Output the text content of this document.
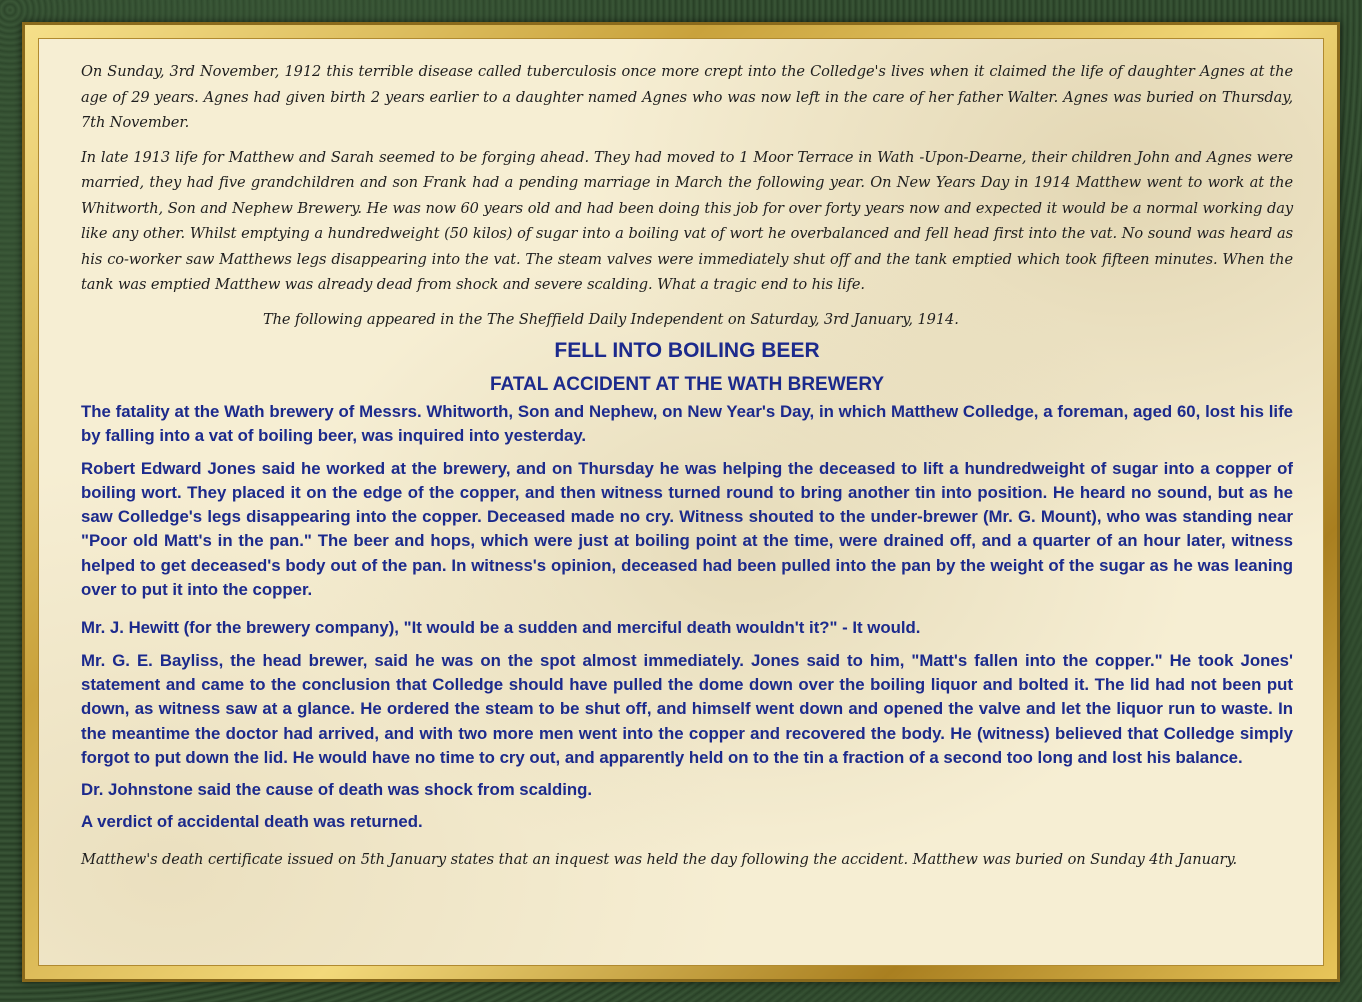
On Sunday, 3rd November, 1912 this terrible disease called tuberculosis once more crept into the Colledge's lives when it claimed the life of daughter Agnes at the age of 29 years. Agnes had given birth 2 years earlier to a daughter named Agnes who was now left in the care of her father Walter. Agnes was buried on Thursday, 7th November.

In late 1913 life for Matthew and Sarah seemed to be forging ahead. They had moved to 1 Moor Terrace in Wath -Upon-Dearne, their children John and Agnes were married, they had five grandchildren and son Frank had a pending marriage in March the following year. On New Years Day in 1914 Matthew went to work at the Whitworth, Son and Nephew Brewery. He was now 60 years old and had been doing this job for over forty years now and expected it would be a normal working day like any other. Whilst emptying a hundredweight (50 kilos) of sugar into a boiling vat of wort he overbalanced and fell head first into the vat. No sound was heard as his co-worker saw Matthews legs disappearing into the vat. The steam valves were immediately shut off and the tank emptied which took fifteen minutes. When the tank was emptied Matthew was already dead from shock and severe scalding. What a tragic end to his life.

The following appeared in the The Sheffield Daily Independent on Saturday, 3rd January, 1914.

FELL INTO BOILING BEER
FATAL ACCIDENT AT THE WATH BREWERY

The fatality at the Wath brewery of Messrs. Whitworth, Son and Nephew, on New Year's Day, in which Matthew Colledge, a foreman, aged 60, lost his life by falling into a vat of boiling beer, was inquired into yesterday.

Robert Edward Jones said he worked at the brewery, and on Thursday he was helping the deceased to lift a hundredweight of sugar into a copper of boiling wort. They placed it on the edge of the copper, and then witness turned round to bring another tin into position. He heard no sound, but as he saw Colledge's legs disappearing into the copper. Deceased made no cry. Witness shouted to the under-brewer (Mr. G. Mount), who was standing near "Poor old Matt's in the pan." The beer and hops, which were just at boiling point at the time, were drained off, and a quarter of an hour later, witness helped to get deceased's body out of the pan. In witness's opinion, deceased had been pulled into the pan by the weight of the sugar as he was leaning over to put it into the copper.

Mr. J. Hewitt (for the brewery company), "It would be a sudden and merciful death wouldn't it?" - It would.

Mr. G. E. Bayliss, the head brewer, said he was on the spot almost immediately. Jones said to him, "Matt's fallen into the copper." He took Jones' statement and came to the conclusion that Colledge should have pulled the dome down over the boiling liquor and bolted it. The lid had not been put down, as witness saw at a glance. He ordered the steam to be shut off, and himself went down and opened the valve and let the liquor run to waste. In the meantime the doctor had arrived, and with two more men went into the copper and recovered the body. He (witness) believed that Colledge simply forgot to put down the lid. He would have no time to cry out, and apparently held on to the tin a fraction of a second too long and lost his balance.

Dr. Johnstone said the cause of death was shock from scalding.

A verdict of accidental death was returned.

Matthew's death certificate issued on 5th January states that an inquest was held the day following the accident. Matthew was buried on Sunday 4th January.
